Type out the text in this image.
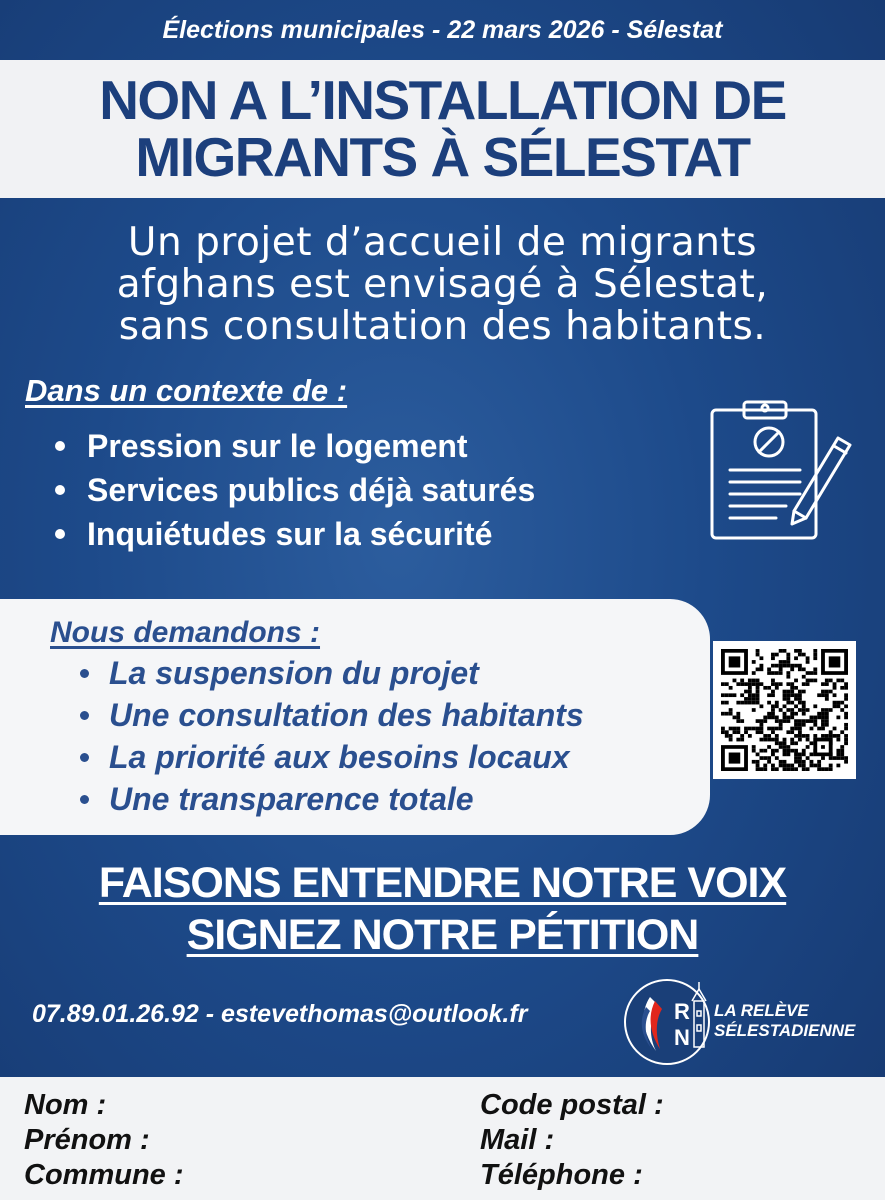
Élections municipales - 22 mars 2026 - Sélestat
NON A L’INSTALLATION DE
MIGRANTS À SÉLESTAT
Un projet d’accueil de migrants
afghans est envisagé à Sélestat,
sans consultation des habitants.
Dans un contexte de :
Pression sur le logement
Services publics déjà saturés
Inquiétudes sur la sécurité
Nous demandons :
La suspension du projet
Une consultation des habitants
La priorité aux besoins locaux
Une transparence totale
FAISONS ENTENDRE NOTRE VOIX
SIGNEZ NOTRE PÉTITION
07.89.01.26.92 - estevethomas@outlook.fr	R
N
LA RELÈVE
SÉLESTADIENNE
Nom :
Prénom :
Commune :
Code postal :
Mail :
Téléphone :
